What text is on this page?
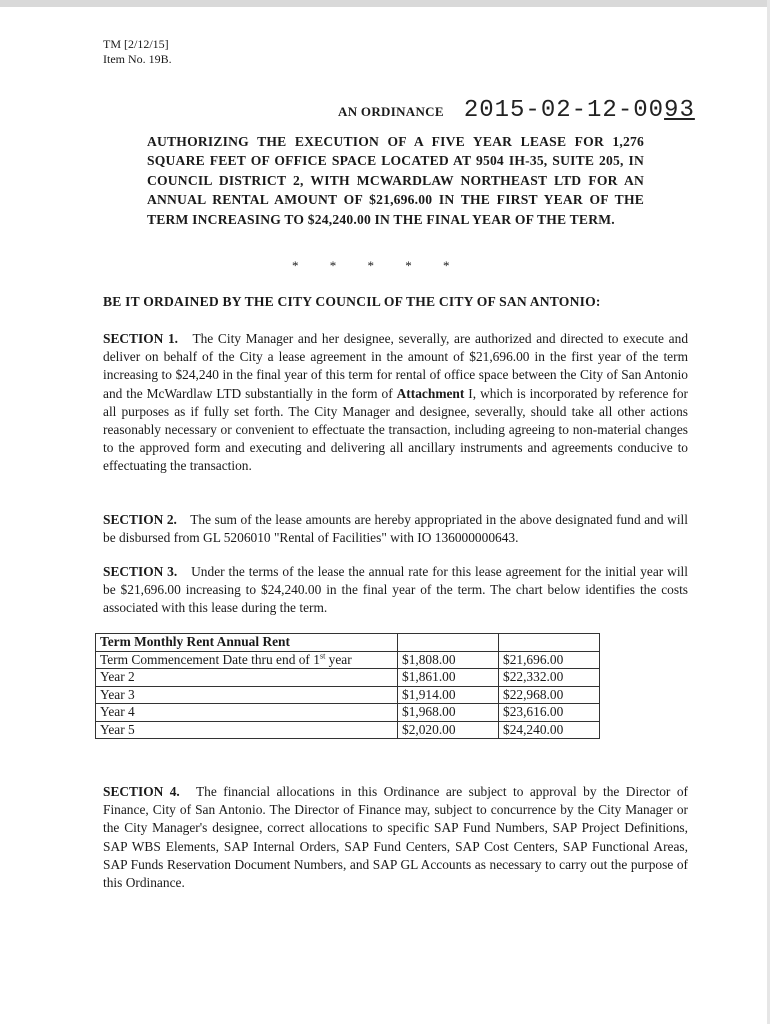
TM [2/12/15]
Item No. 19B.
AN ORDINANCE 2015-02-12-0093
AUTHORIZING THE EXECUTION OF A FIVE YEAR LEASE FOR 1,276 SQUARE FEET OF OFFICE SPACE LOCATED AT 9504 IH-35, SUITE 205, IN COUNCIL DISTRICT 2, WITH MCWARDLAW NORTHEAST LTD FOR AN ANNUAL RENTAL AMOUNT OF $21,696.00 IN THE FIRST YEAR OF THE TERM INCREASING TO $24,240.00 IN THE FINAL YEAR OF THE TERM.
* * * * *
BE IT ORDAINED BY THE CITY COUNCIL OF THE CITY OF SAN ANTONIO:
SECTION 1. The City Manager and her designee, severally, are authorized and directed to execute and deliver on behalf of the City a lease agreement in the amount of $21,696.00 in the first year of the term increasing to $24,240 in the final year of this term for rental of office space between the City of San Antonio and the McWardlaw LTD substantially in the form of Attachment I, which is incorporated by reference for all purposes as if fully set forth. The City Manager and designee, severally, should take all other actions reasonably necessary or convenient to effectuate the transaction, including agreeing to non-material changes to the approved form and executing and delivering all ancillary instruments and agreements conducive to effectuating the transaction.
SECTION 2. The sum of the lease amounts are hereby appropriated in the above designated fund and will be disbursed from GL 5206010 "Rental of Facilities" with IO 136000000643.
SECTION 3. Under the terms of the lease the annual rate for this lease agreement for the initial year will be $21,696.00 increasing to $24,240.00 in the final year of the term. The chart below identifies the costs associated with this lease during the term.
Term Monthly Rent Annual Rent		
Term Commencement Date thru end of 1st year	$1,808.00	$21,696.00
Year 2	$1,861.00	$22,332.00
Year 3	$1,914.00	$22,968.00
Year 4	$1,968.00	$23,616.00
Year 5	$2,020.00	$24,240.00
SECTION 4. The financial allocations in this Ordinance are subject to approval by the Director of Finance, City of San Antonio. The Director of Finance may, subject to concurrence by the City Manager or the City Manager's designee, correct allocations to specific SAP Fund Numbers, SAP Project Definitions, SAP WBS Elements, SAP Internal Orders, SAP Fund Centers, SAP Cost Centers, SAP Functional Areas, SAP Funds Reservation Document Numbers, and SAP GL Accounts as necessary to carry out the purpose of this Ordinance.
